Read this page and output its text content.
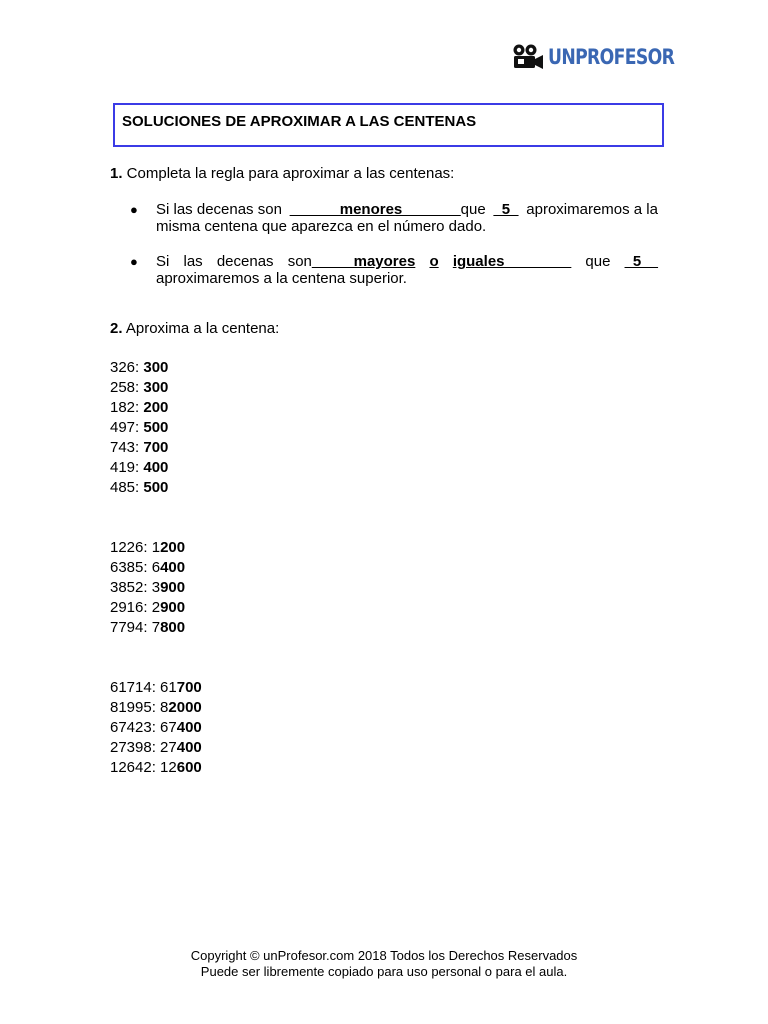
UNPROFESOR
SOLUCIONES DE APROXIMAR A LAS CENTENAS
1. Completa la regla para aproximar a las centenas:
● Si las decenas son ______menores_______que _5_ aproximaremos a la
misma centena que aparezca en el número dado.
● Si las decenas son_____mayores o iguales________ que _5__
aproximaremos a la centena superior.
2. Aproxima a la centena:
326: 300
258: 300
182: 200
497: 500
743: 700
419: 400
485: 500
1226: 1200
6385: 6400
3852: 3900
2916: 2900
7794: 7800
61714: 61700
81995: 82000
67423: 67400
27398: 27400
12642: 12600
Copyright © unProfesor.com 2018 Todos los Derechos Reservados
Puede ser libremente copiado para uso personal o para el aula.
